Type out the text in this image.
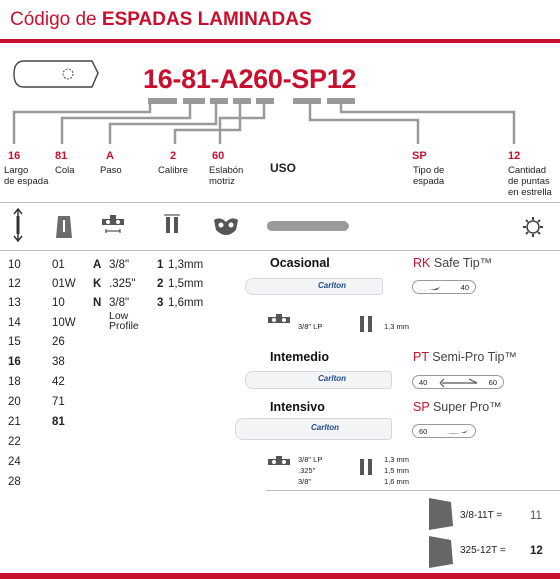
Código de ESPADAS LAMINADAS
16-81-A260-SP12
16
Largo
de espada
81
Cola
A
Paso
2
Calibre
60
Eslabón
motriz
USO
SP
Tipo de
espada
12
Cantidad
de puntas
en estrella
10
12
13
14
15
16
18
20
21
22
24
28
01
01W
10
10W
26
38
42
71
81
A 3/8"
K .325"
N 3/8"
Low
Profile
1 1,3mm
2 1,5mm
3 1,6mm
Ocasional	RK Safe Tip™
Carlton	40
3/8" LP	1,3 mm
Intemedio	PT Semi-Pro Tip™
Carlton	40	60
Intensivo	SP Super Pro™
Carlton	60
3/8" LP
.325"
3/8"
1,3 mm
1,5 mm
1,6 mm
3/8-11T = 11
325-12T = 12
